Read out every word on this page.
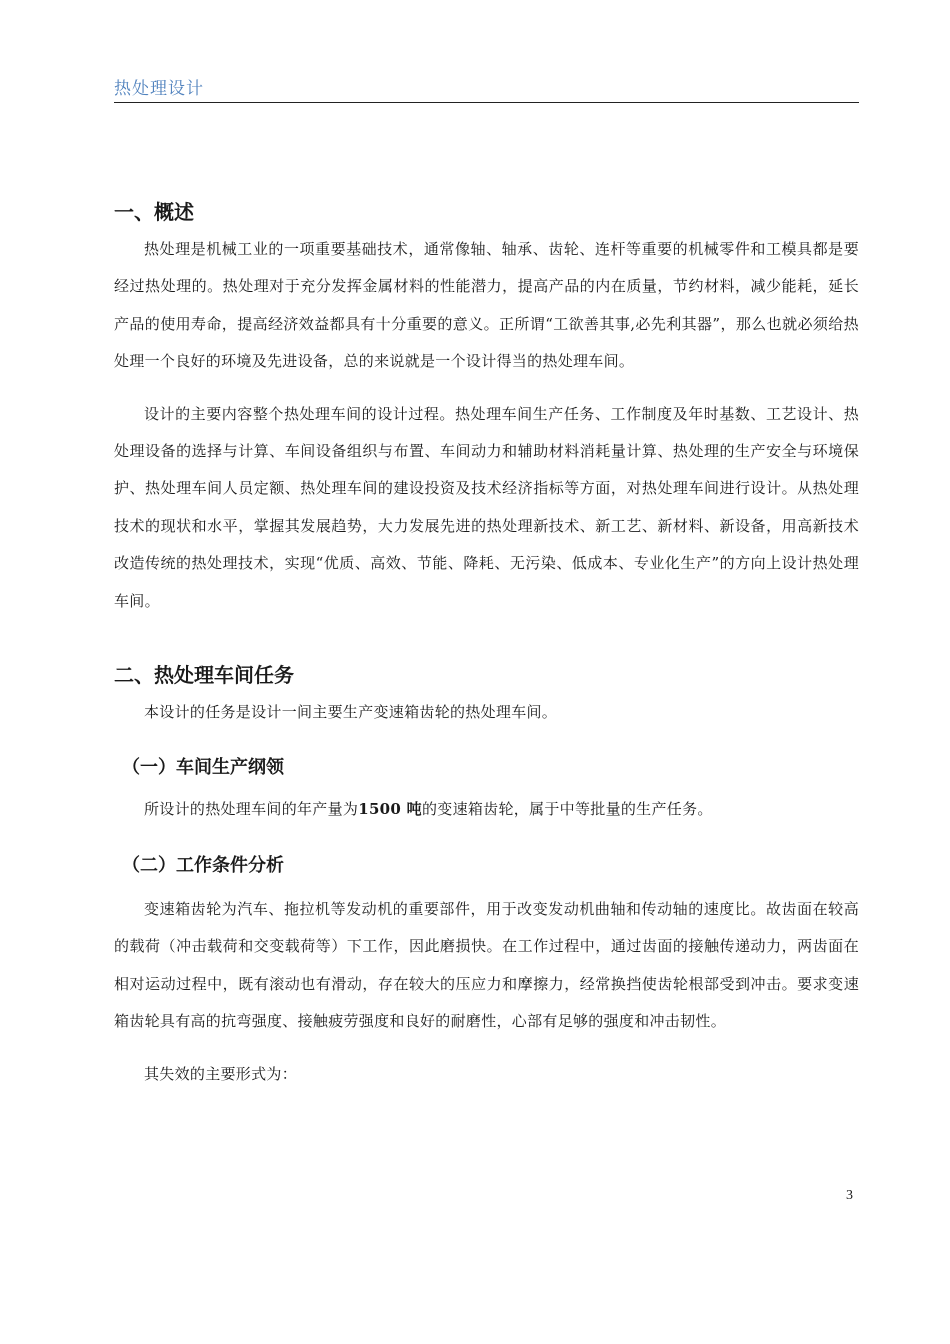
热处理设计
一、概述

热处理是机械工业的一项重要基础技术，通常像轴、轴承、齿轮、连杆等重要的机械零件和工模具都是要经过热处理的。热处理对于充分发挥金属材料的性能潜力，提高产品的内在质量，节约材料，减少能耗，延长产品的使用寿命，提高经济效益都具有十分重要的意义。正所谓“工欲善其事,必先利其器”，那么也就必须给热处理一个良好的环境及先进设备，总的来说就是一个设计得当的热处理车间。

设计的主要内容整个热处理车间的设计过程。热处理车间生产任务、工作制度及年时基数、工艺设计、热处理设备的选择与计算、车间设备组织与布置、车间动力和辅助材料消耗量计算、热处理的生产安全与环境保护、热处理车间人员定额、热处理车间的建设投资及技术经济指标等方面，对热处理车间进行设计。从热处理技术的现状和水平，掌握其发展趋势，大力发展先进的热处理新技术、新工艺、新材料、新设备，用高新技术改造传统的热处理技术，实现“优质、高效、节能、降耗、无污染、低成本、专业化生产”的方向上设计热处理车间。

二、热处理车间任务

本设计的任务是设计一间主要生产变速箱齿轮的热处理车间。

（一）车间生产纲领

所设计的热处理车间的年产量为1500 吨的变速箱齿轮，属于中等批量的生产任务。

（二）工作条件分析

变速箱齿轮为汽车、拖拉机等发动机的重要部件，用于改变发动机曲轴和传动轴的速度比。故齿面在较高的载荷（冲击载荷和交变载荷等）下工作，因此磨损快。在工作过程中，通过齿面的接触传递动力，两齿面在相对运动过程中，既有滚动也有滑动，存在较大的压应力和摩擦力，经常换挡使齿轮根部受到冲击。要求变速箱齿轮具有高的抗弯强度、接触疲劳强度和良好的耐磨性，心部有足够的强度和冲击韧性。

其失效的主要形式为：

3
